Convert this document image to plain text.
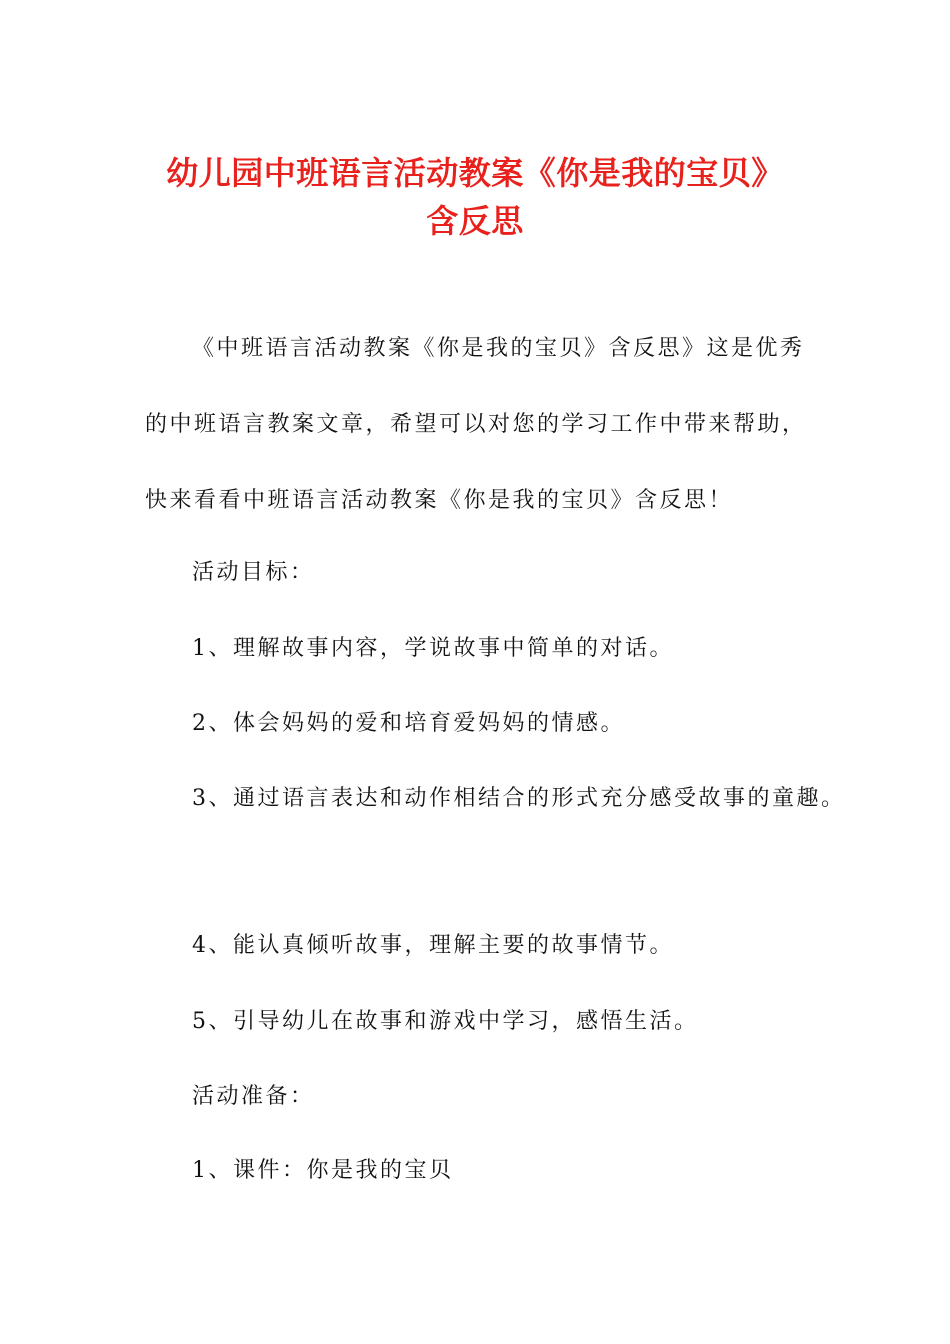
幼儿园中班语言活动教案《你是我的宝贝》
含反思
《中班语言活动教案《你是我的宝贝》含反思》这是优秀
的中班语言教案文章，希望可以对您的学习工作中带来帮助，
快来看看中班语言活动教案《你是我的宝贝》含反思！
活动目标：
1、理解故事内容，学说故事中简单的对话。
2、体会妈妈的爱和培育爱妈妈的情感。
3、通过语言表达和动作相结合的形式充分感受故事的童趣。
4、能认真倾听故事，理解主要的故事情节。
5、引导幼儿在故事和游戏中学习，感悟生活。
活动准备：
1、课件：你是我的宝贝
